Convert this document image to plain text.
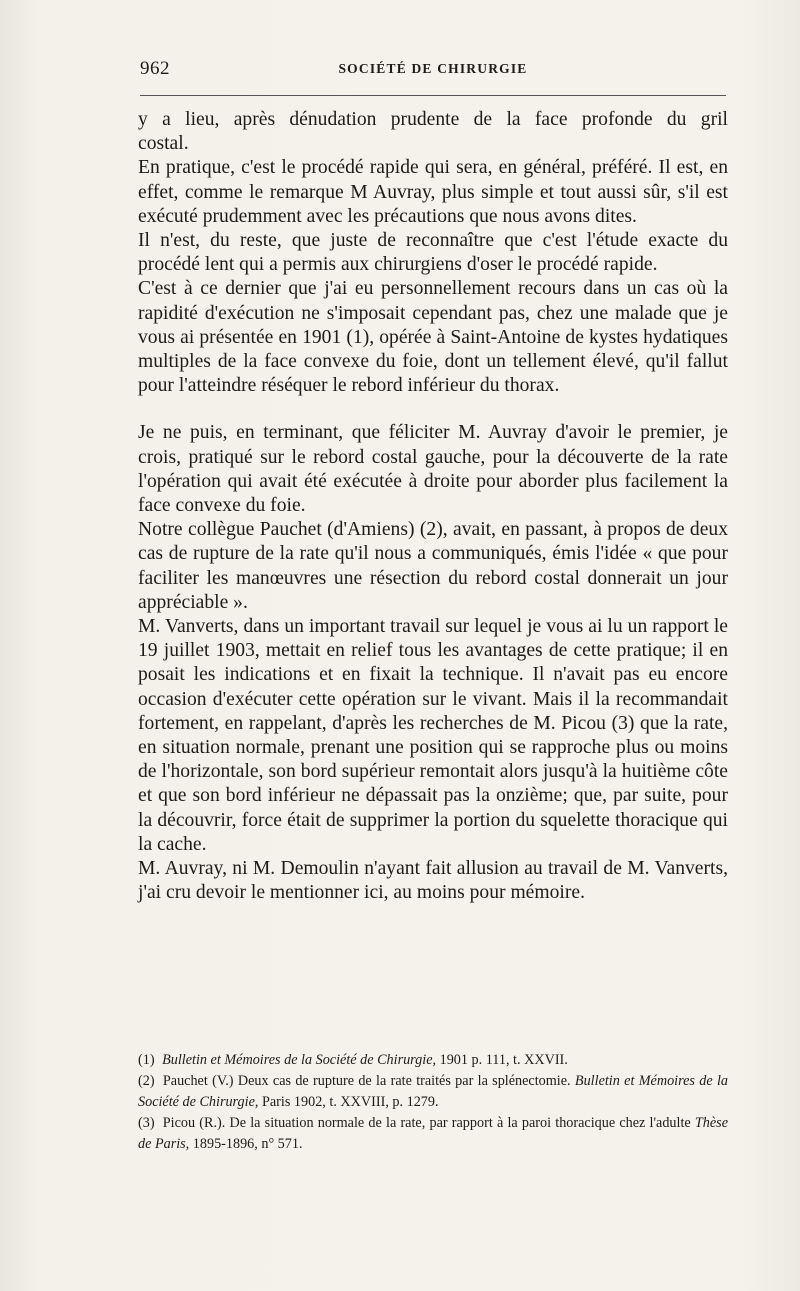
962	SOCIÉTÉ DE CHIRURGIE

y a lieu, après dénudation prudente de la face profonde du gril
costal.

En pratique, c'est le procédé rapide qui sera, en général, préféré. Il est, en effet, comme le remarque M Auvray, plus simple et tout aussi sûr, s'il est exécuté prudemment avec les précautions que nous avons dites.

Il n'est, du reste, que juste de reconnaître que c'est l'étude exacte du procédé lent qui a permis aux chirurgiens d'oser le procédé rapide.

C'est à ce dernier que j'ai eu personnellement recours dans un cas où la rapidité d'exécution ne s'imposait cependant pas, chez une malade que je vous ai présentée en 1901 (1), opérée à Saint-Antoine de kystes hydatiques multiples de la face convexe du foie, dont un tellement élevé, qu'il fallut pour l'atteindre réséquer le rebord inférieur du thorax.

Je ne puis, en terminant, que féliciter M. Auvray d'avoir le premier, je crois, pratiqué sur le rebord costal gauche, pour la découverte de la rate l'opération qui avait été exécutée à droite pour aborder plus facilement la face convexe du foie.

Notre collègue Pauchet (d'Amiens) (2), avait, en passant, à propos de deux cas de rupture de la rate qu'il nous a communiqués, émis l'idée « que pour faciliter les manœuvres une résection du rebord costal donnerait un jour appréciable ».

M. Vanverts, dans un important travail sur lequel je vous ai lu un rapport le 19 juillet 1903, mettait en relief tous les avantages de cette pratique; il en posait les indications et en fixait la technique. Il n'avait pas eu encore occasion d'exécuter cette opération sur le vivant. Mais il la recommandait fortement, en rappelant, d'après les recherches de M. Picou (3) que la rate, en situation normale, prenant une position qui se rapproche plus ou moins de l'horizontale, son bord supérieur remontait alors jusqu'à la huitième côte et que son bord inférieur ne dépassait pas la onzième; que, par suite, pour la découvrir, force était de supprimer la portion du squelette thoracique qui la cache.

M. Auvray, ni M. Demoulin n'ayant fait allusion au travail de M. Vanverts, j'ai cru devoir le mentionner ici, au moins pour mémoire.

(1) Bulletin et Mémoires de la Société de Chirurgie, 1901 p. 111, t. XXVII.

(2) Pauchet (V.) Deux cas de rupture de la rate traités par la splénectomie. Bulletin et Mémoires de la Société de Chirurgie, Paris 1902, t. XXVIII, p. 1279.

(3) Picou (R.). De la situation normale de la rate, par rapport à la paroi thoracique chez l'adulte Thèse de Paris, 1895-1896, n° 571.
